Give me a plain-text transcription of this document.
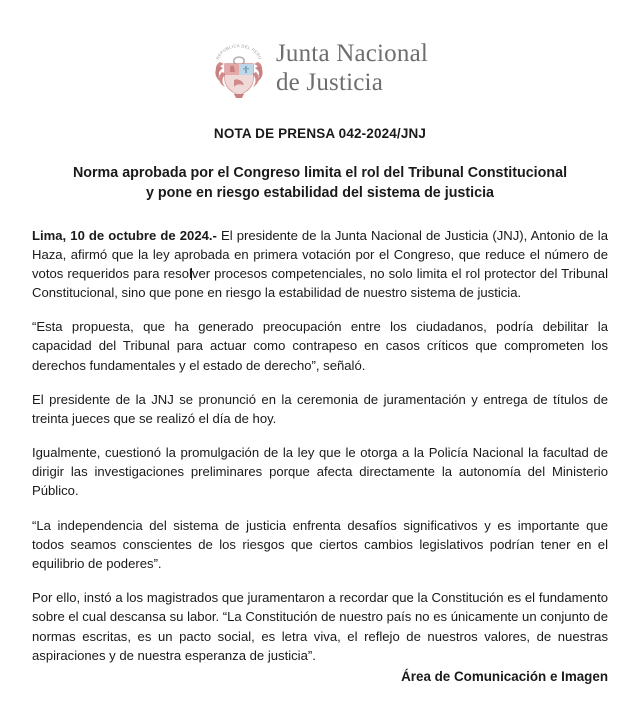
REPUBLICA DEL PERU Junta Nacional
de Justicia
NOTA DE PRENSA 042-2024/JNJ
Norma aprobada por el Congreso limita el rol del Tribunal Constitucional
y pone en riesgo estabilidad del sistema de justicia

Lima, 10 de octubre de 2024.- El presidente de la Junta Nacional de Justicia (JNJ), Antonio de la Haza, afirmó que la ley aprobada en primera votación por el Congreso, que reduce el número de votos requeridos para resolver procesos competenciales, no solo limita el rol protector del Tribunal Constitucional, sino que pone en riesgo la estabilidad de nuestro sistema de justicia.

“Esta propuesta, que ha generado preocupación entre los ciudadanos, podría debilitar la capacidad del Tribunal para actuar como contrapeso en casos críticos que comprometen los derechos fundamentales y el estado de derecho”, señaló.

El presidente de la JNJ se pronunció en la ceremonia de juramentación y entrega de títulos de treinta jueces que se realizó el día de hoy.

Igualmente, cuestionó la promulgación de la ley que le otorga a la Policía Nacional la facultad de dirigir las investigaciones preliminares porque afecta directamente la autonomía del Ministerio Público.

“La independencia del sistema de justicia enfrenta desafíos significativos y es importante que todos seamos conscientes de los riesgos que ciertos cambios legislativos podrían tener en el equilibrio de poderes”.

Por ello, instó a los magistrados que juramentaron a recordar que la Constitución es el fundamento sobre el cual descansa su labor. “La Constitución de nuestro país no es únicamente un conjunto de normas escritas, es un pacto social, es letra viva, el reflejo de nuestros valores, de nuestras aspiraciones y de nuestra esperanza de justicia”.

Área de Comunicación e Imagen
